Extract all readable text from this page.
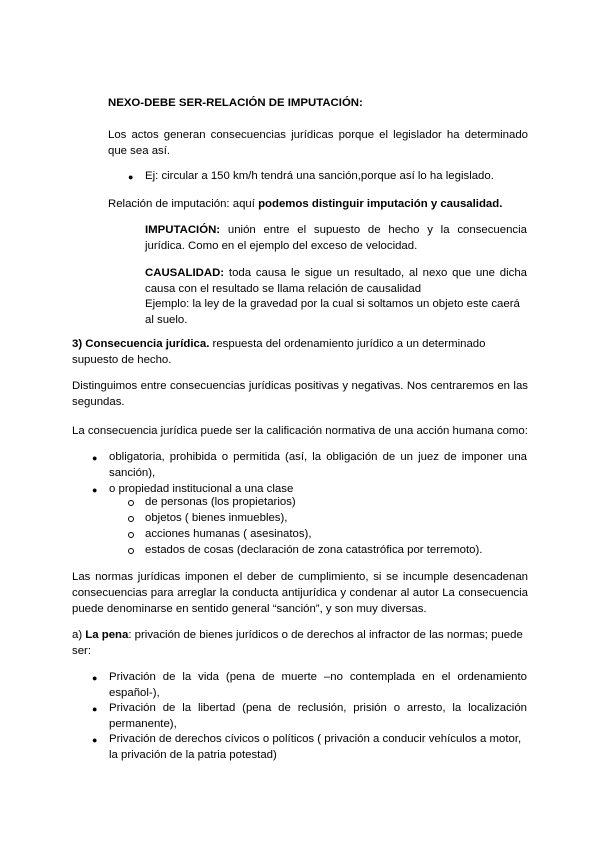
NEXO-DEBE SER-RELACIÓN DE IMPUTACIÓN:
Los actos generan consecuencias jurídicas porque el legislador ha determinado que sea así.
● Ej: circular a 150 km/h tendrá una sanción,porque así lo ha legislado.
Relación de imputación: aquí podemos distinguir imputación y causalidad.
IMPUTACIÓN: unión entre el supuesto de hecho y la consecuencia jurídica. Como en el ejemplo del exceso de velocidad.
CAUSALIDAD: toda causa le sigue un resultado, al nexo que une dicha causa con el resultado se llama relación de causalidad
Ejemplo: la ley de la gravedad por la cual si soltamos un objeto este caerá al suelo.
3) Consecuencia jurídica. respuesta del ordenamiento jurídico a un determinado supuesto de hecho.
Distinguimos entre consecuencias jurídicas positivas y negativas. Nos centraremos en las segundas.
La consecuencia jurídica puede ser la calificación normativa de una acción humana como:
● obligatoria, prohibida o permitida (así, la obligación de un juez de imponer una sanción),
● o propiedad institucional a una clase
de personas (los propietarios)
objetos ( bienes inmuebles),
acciones humanas ( asesinatos),
estados de cosas (declaración de zona catastrófica por terremoto).
Las normas jurídicas imponen el deber de cumplimiento, si se incumple desencadenan consecuencias para arreglar la conducta antijurídica y condenar al autor La consecuencia puede denominarse en sentido general “sanción”, y son muy diversas.
a) La pena: privación de bienes jurídicos o de derechos al infractor de las normas; puede ser:
● Privación de la vida (pena de muerte –no contemplada en el ordenamiento español-),
● Privación de la libertad (pena de reclusión, prisión o arresto, la localización permanente),
● Privación de derechos cívicos o políticos ( privación a conducir vehículos a motor, la privación de la patria potestad)
